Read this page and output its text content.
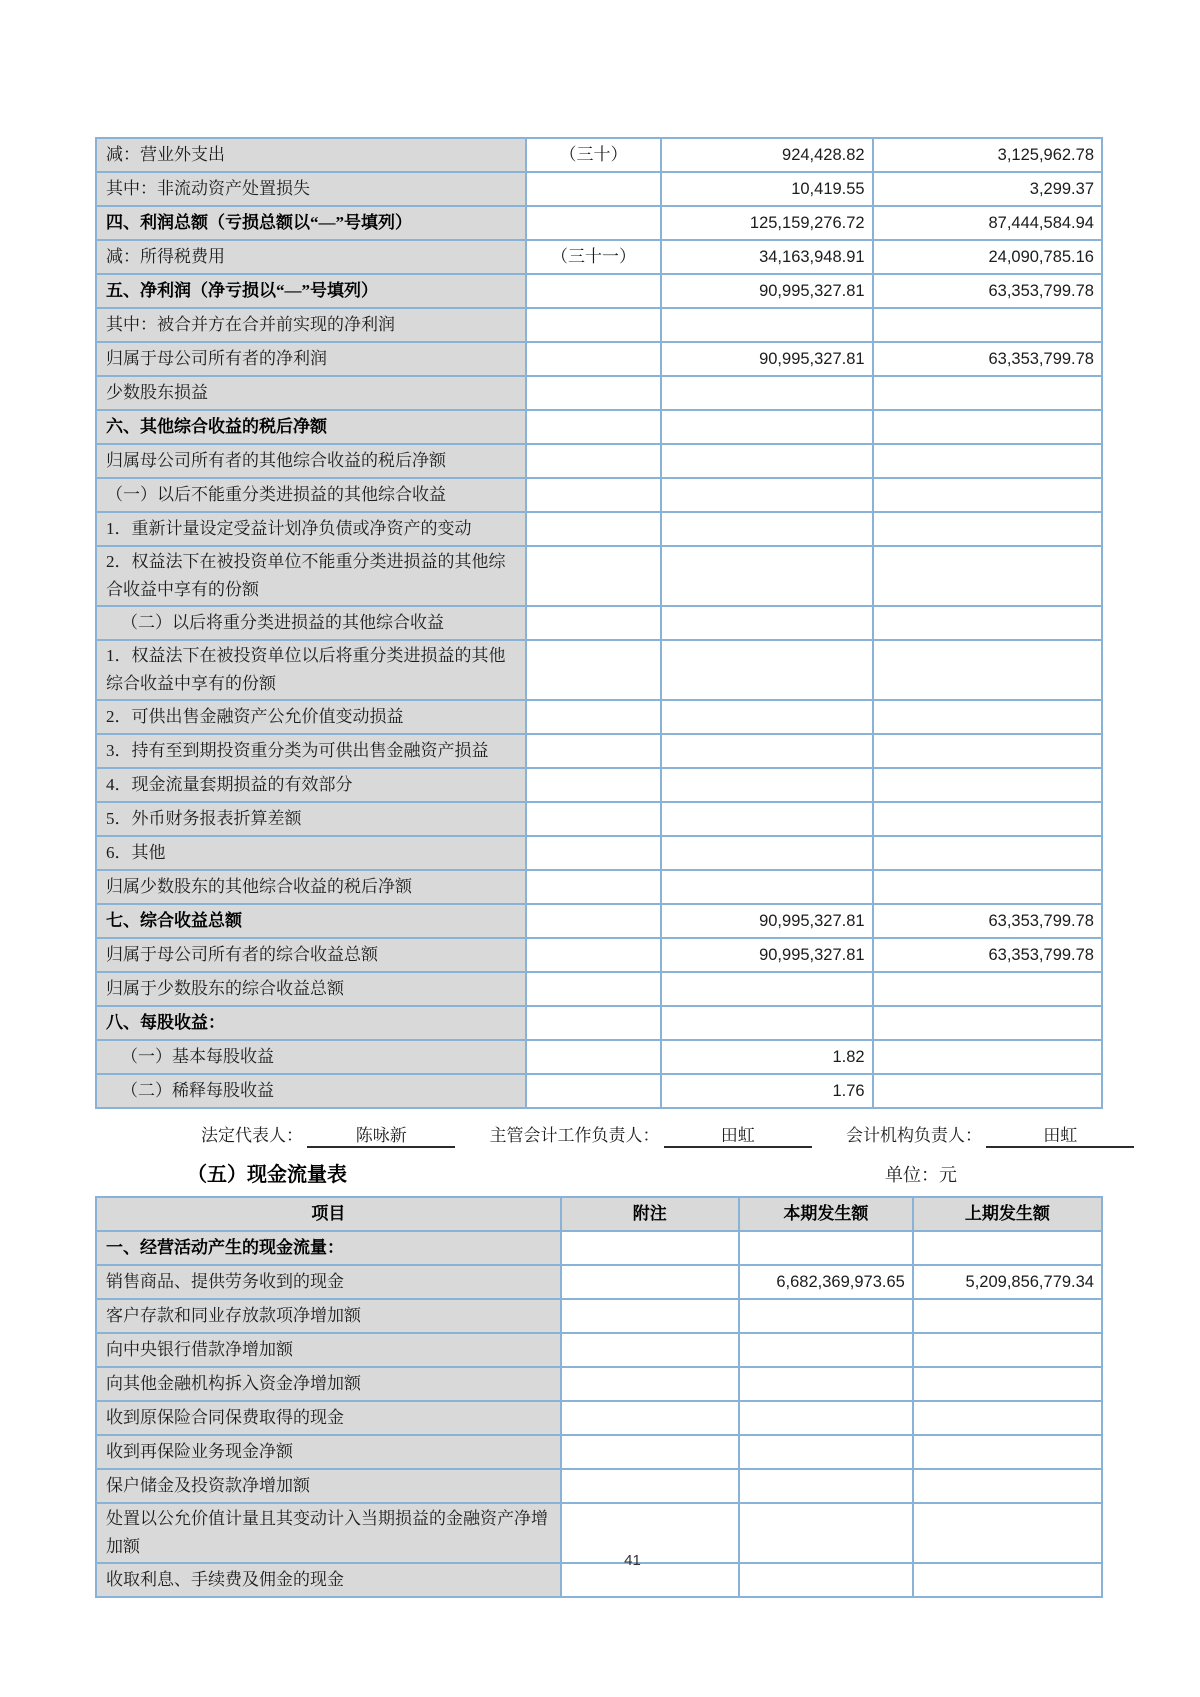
减：营业外支出	（三十）	924,428.82	3,125,962.78
其中：非流动资产处置损失		10,419.55	3,299.37
四、利润总额（亏损总额以“—”号填列）		125,159,276.72	87,444,584.94
减：所得税费用	（三十一）	34,163,948.91	24,090,785.16
五、净利润（净亏损以“—”号填列）		90,995,327.81	63,353,799.78
其中：被合并方在合并前实现的净利润			
归属于母公司所有者的净利润		90,995,327.81	63,353,799.78
少数股东损益			
六、其他综合收益的税后净额			
归属母公司所有者的其他综合收益的税后净额			
（一）以后不能重分类进损益的其他综合收益			
1．重新计量设定受益计划净负债或净资产的变动			
2．权益法下在被投资单位不能重分类进损益的其他综合收益中享有的份额			
（二）以后将重分类进损益的其他综合收益			
1．权益法下在被投资单位以后将重分类进损益的其他综合收益中享有的份额			
2．可供出售金融资产公允价值变动损益			
3．持有至到期投资重分类为可供出售金融资产损益			
4．现金流量套期损益的有效部分			
5．外币财务报表折算差额			
6．其他			
归属少数股东的其他综合收益的税后净额			
七、综合收益总额		90,995,327.81	63,353,799.78
归属于母公司所有者的综合收益总额		90,995,327.81	63,353,799.78
归属于少数股东的综合收益总额			
八、每股收益：			
（一）基本每股收益		1.82	
（二）稀释每股收益		1.76	
法定代表人：	陈咏新	主管会计工作负责人：	田虹	会计机构负责人：	田虹
（五）现金流量表	单位：元
项目	附注	本期发生额	上期发生额
一、经营活动产生的现金流量：			
销售商品、提供劳务收到的现金		6,682,369,973.65	5,209,856,779.34
客户存款和同业存放款项净增加额			
向中央银行借款净增加额			
向其他金融机构拆入资金净增加额			
收到原保险合同保费取得的现金			
收到再保险业务现金净额			
保户储金及投资款净增加额			
处置以公允价值计量且其变动计入当期损益的金融资产净增加额			
收取利息、手续费及佣金的现金			
41
